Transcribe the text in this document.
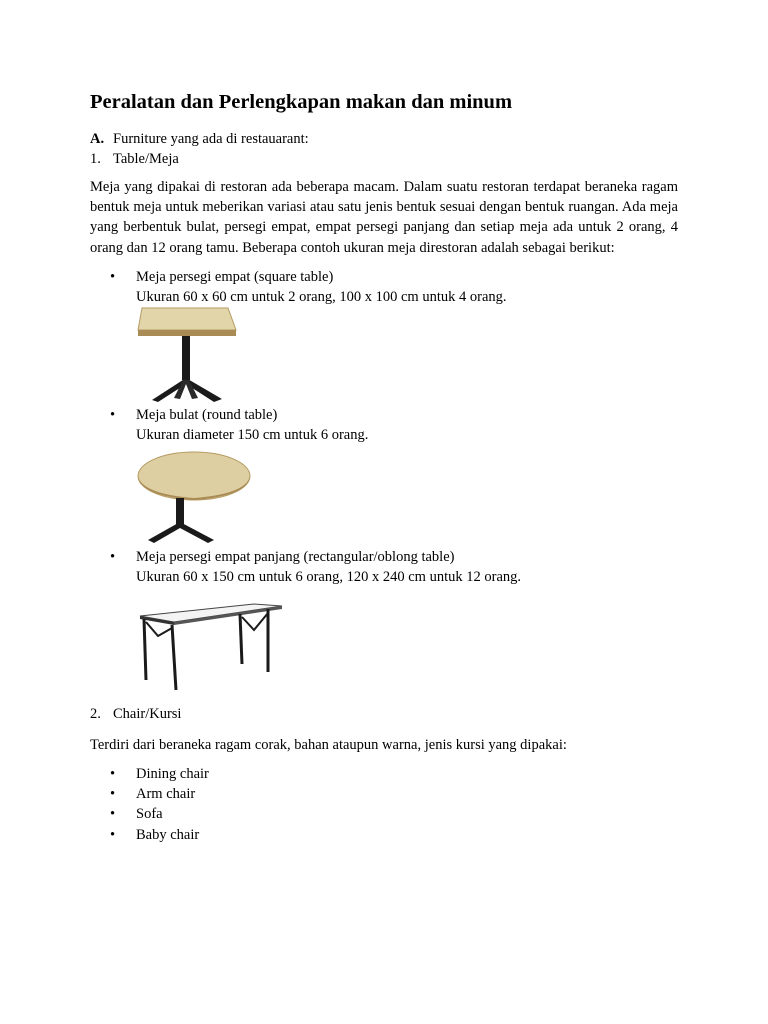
Peralatan dan Perlengkapan makan dan minum
A. Furniture yang ada di restauarant:
1. Table/Meja

Meja yang dipakai di restoran ada beberapa macam. Dalam suatu restoran terdapat beraneka ragam bentuk meja untuk meberikan variasi atau satu jenis bentuk sesuai dengan bentuk ruangan. Ada meja yang berbentuk bulat, persegi empat, empat persegi panjang dan setiap meja ada untuk 2 orang, 4 orang dan 12 orang tamu. Beberapa contoh ukuran meja direstoran adalah sebagai berikut:

• Meja persegi empat (square table)
Ukuran 60 x 60 cm untuk 2 orang, 100 x 100 cm untuk 4 orang.
• Meja bulat (round table)
Ukuran diameter 150 cm untuk 6 orang.
• Meja persegi empat panjang (rectangular/oblong table)
Ukuran 60 x 150 cm untuk 6 orang, 120 x 240 cm untuk 12 orang.
2. Chair/Kursi

Terdiri dari beraneka ragam corak, bahan ataupun warna, jenis kursi yang dipakai:

• Dining chair
• Arm chair
• Sofa
• Baby chair
